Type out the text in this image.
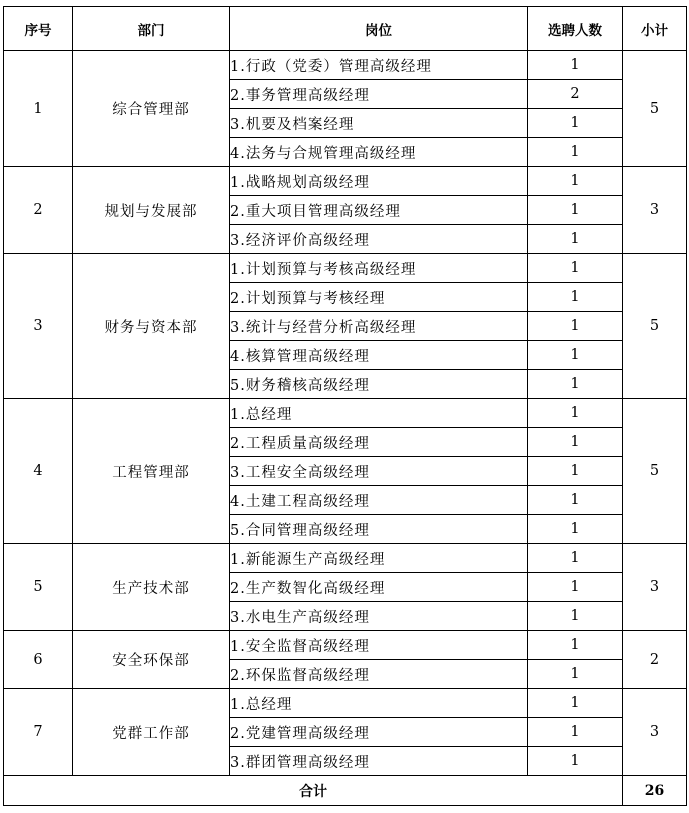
序号	部门	岗位	选聘人数	小计
1	综合管理部	1.行政（党委）管理高级经理	1	5
		2.事务管理高级经理	2	
		3.机要及档案经理	1	
		4.法务与合规管理高级经理	1	
2	规划与发展部	1.战略规划高级经理	1	3
		2.重大项目管理高级经理	1	
		3.经济评价高级经理	1	
3	财务与资本部	1.计划预算与考核高级经理	1	5
		2.计划预算与考核经理	1	
		3.统计与经营分析高级经理	1	
		4.核算管理高级经理	1	
		5.财务稽核高级经理	1	
4	工程管理部	1.总经理	1	5
		2.工程质量高级经理	1	
		3.工程安全高级经理	1	
		4.土建工程高级经理	1	
		5.合同管理高级经理	1	
5	生产技术部	1.新能源生产高级经理	1	3
		2.生产数智化高级经理	1	
		3.水电生产高级经理	1	
6	安全环保部	1.安全监督高级经理	1	2
		2.环保监督高级经理	1	
7	党群工作部	1.总经理	1	3
		2.党建管理高级经理	1	
		3.群团管理高级经理	1	
合计				26
